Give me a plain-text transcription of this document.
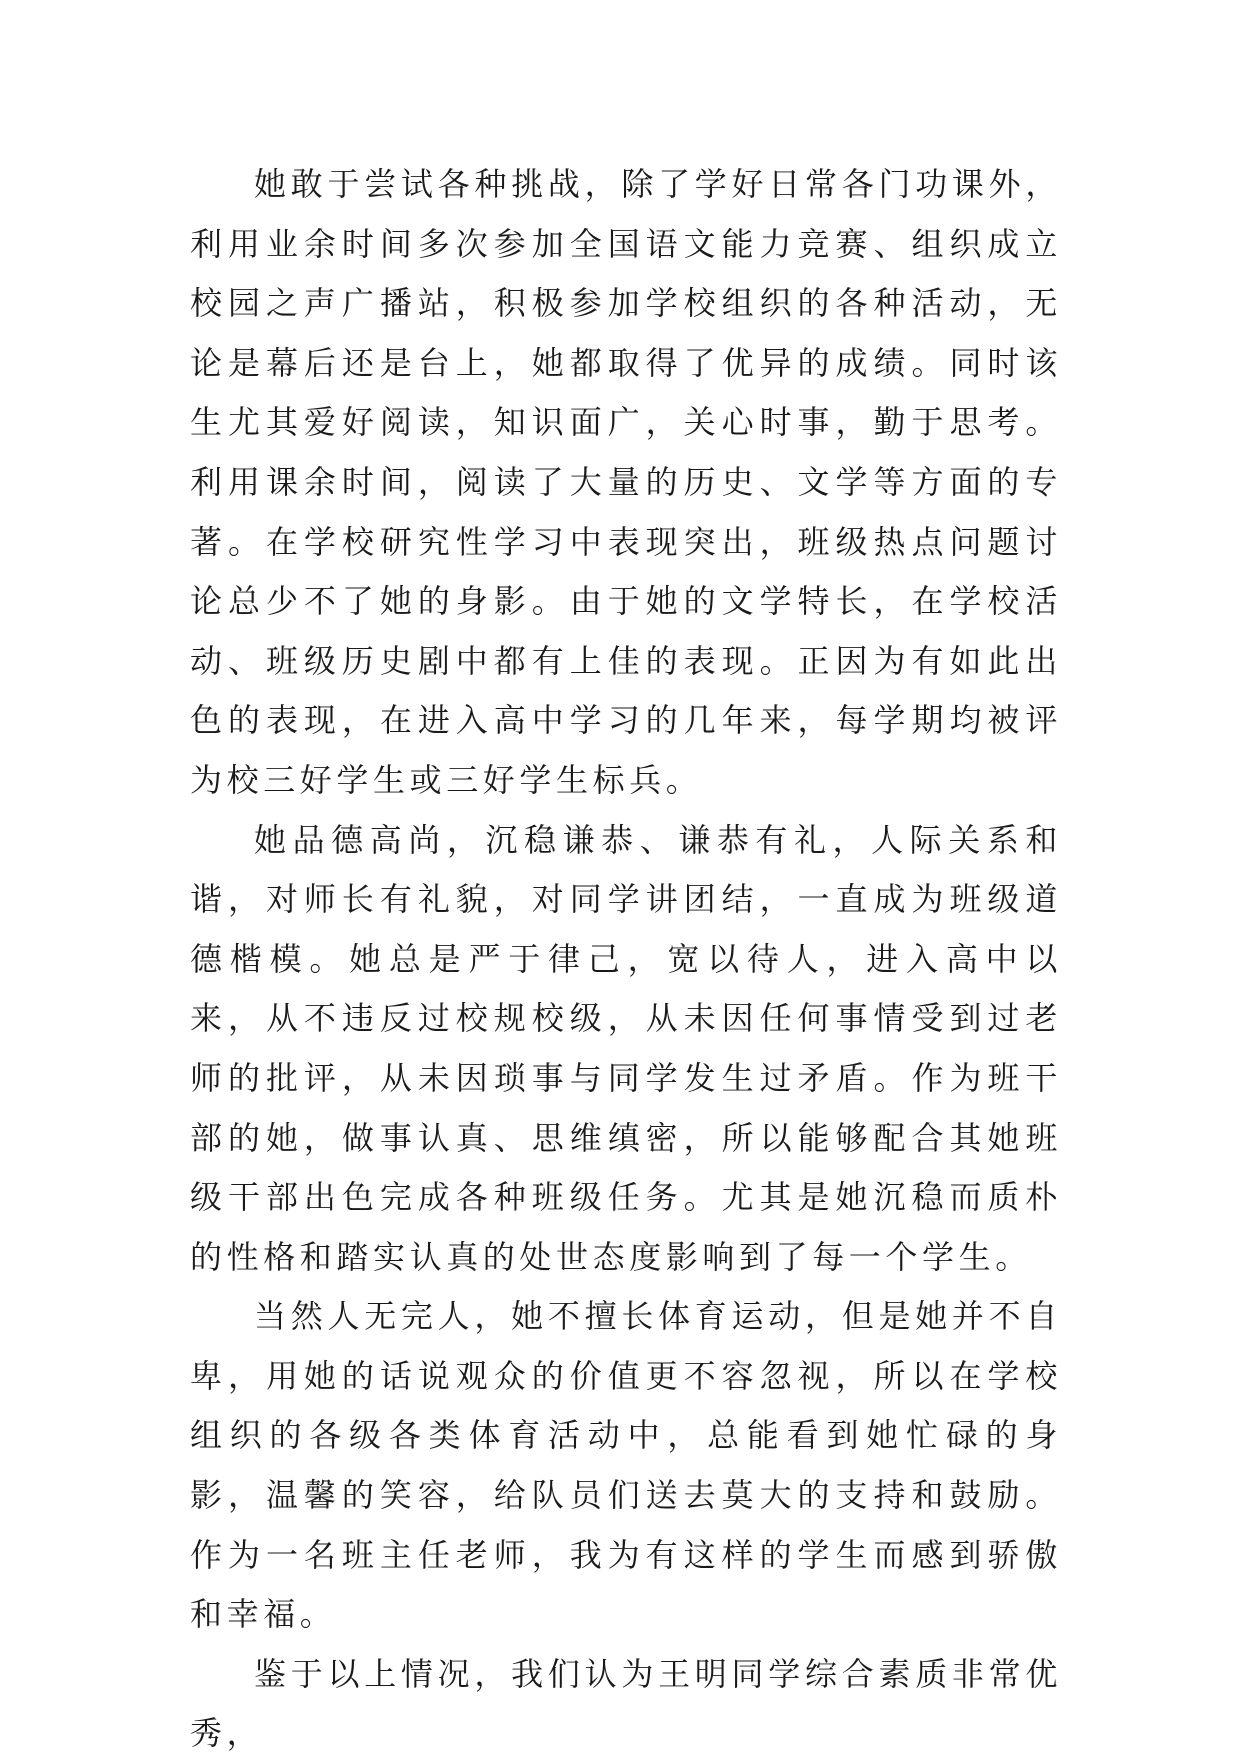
她敢于尝试各种挑战，除了学好日常各门功课外，利用业余时间多次参加全国语文能力竞赛、组织成立校园之声广播站，积极参加学校组织的各种活动，无论是幕后还是台上，她都取得了优异的成绩。同时该生尤其爱好阅读，知识面广，关心时事，勤于思考。利用课余时间，阅读了大量的历史、文学等方面的专著。在学校研究性学习中表现突出，班级热点问题讨论总少不了她的身影。由于她的文学特长，在学校活动、班级历史剧中都有上佳的表现。正因为有如此出色的表现，在进入高中学习的几年来，每学期均被评为校三好学生或三好学生标兵。

她品德高尚，沉稳谦恭、谦恭有礼，人际关系和谐，对师长有礼貌，对同学讲团结，一直成为班级道德楷模。她总是严于律己，宽以待人，进入高中以来，从不违反过校规校级，从未因任何事情受到过老师的批评，从未因琐事与同学发生过矛盾。作为班干部的她，做事认真、思维缜密，所以能够配合其她班级干部出色完成各种班级任务。尤其是她沉稳而质朴的性格和踏实认真的处世态度影响到了每一个学生。

当然人无完人，她不擅长体育运动，但是她并不自卑，用她的话说观众的价值更不容忽视，所以在学校组织的各级各类体育活动中，总能看到她忙碌的身影，温馨的笑容，给队员们送去莫大的支持和鼓励。作为一名班主任老师，我为有这样的学生而感到骄傲和幸福。

鉴于以上情况，我们认为王明同学综合素质非常优秀，
